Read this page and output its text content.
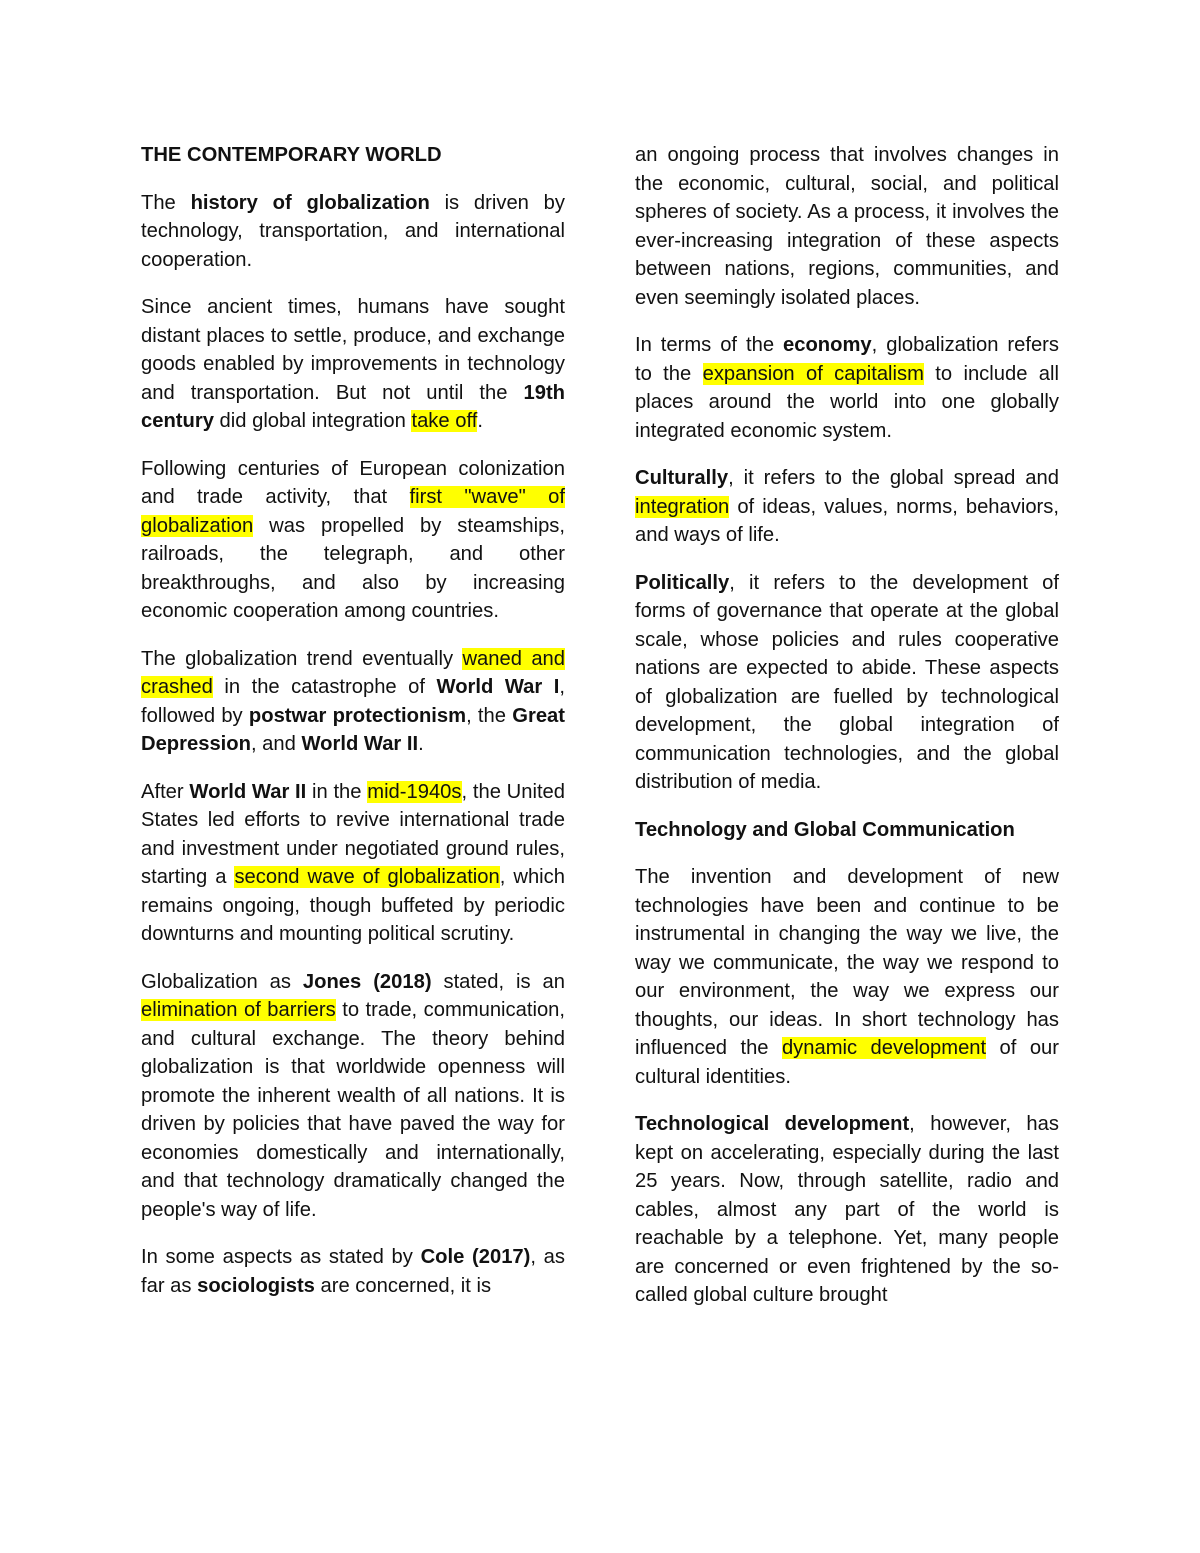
THE CONTEMPORARY WORLD

The history of globalization is driven by technology, transportation, and international cooperation.

Since ancient times, humans have sought distant places to settle, produce, and exchange goods enabled by improvements in technology and transportation. But not until the 19th century did global integration take off.

Following centuries of European colonization and trade activity, that first "wave" of globalization was propelled by steamships, railroads, the telegraph, and other breakthroughs, and also by increasing economic cooperation among countries.

The globalization trend eventually waned and crashed in the catastrophe of World War I, followed by postwar protectionism, the Great Depression, and World War II.

After World War II in the mid-1940s, the United States led efforts to revive international trade and investment under negotiated ground rules, starting a second wave of globalization, which remains ongoing, though buffeted by periodic downturns and mounting political scrutiny.

Globalization as Jones (2018) stated, is an elimination of barriers to trade, communication, and cultural exchange. The theory behind globalization is that worldwide openness will promote the inherent wealth of all nations. It is driven by policies that have paved the way for economies domestically and internationally, and that technology dramatically changed the people's way of life.

In some aspects as stated by Cole (2017), as far as sociologists are concerned, it is

an ongoing process that involves changes in the economic, cultural, social, and political spheres of society. As a process, it involves the ever-increasing integration of these aspects between nations, regions, communities, and even seemingly isolated places.

In terms of the economy, globalization refers to the expansion of capitalism to include all places around the world into one globally integrated economic system.

Culturally, it refers to the global spread and integration of ideas, values, norms, behaviors, and ways of life.

Politically, it refers to the development of forms of governance that operate at the global scale, whose policies and rules cooperative nations are expected to abide. These aspects of globalization are fuelled by technological development, the global integration of communication technologies, and the global distribution of media.

Technology and Global Communication

The invention and development of new technologies have been and continue to be instrumental in changing the way we live, the way we communicate, the way we respond to our environment, the way we express our thoughts, our ideas. In short technology has influenced the dynamic development of our cultural identities.

Technological development, however, has kept on accelerating, especially during the last 25 years. Now, through satellite, radio and cables, almost any part of the world is reachable by a telephone. Yet, many people are concerned or even frightened by the so-called global culture brought
